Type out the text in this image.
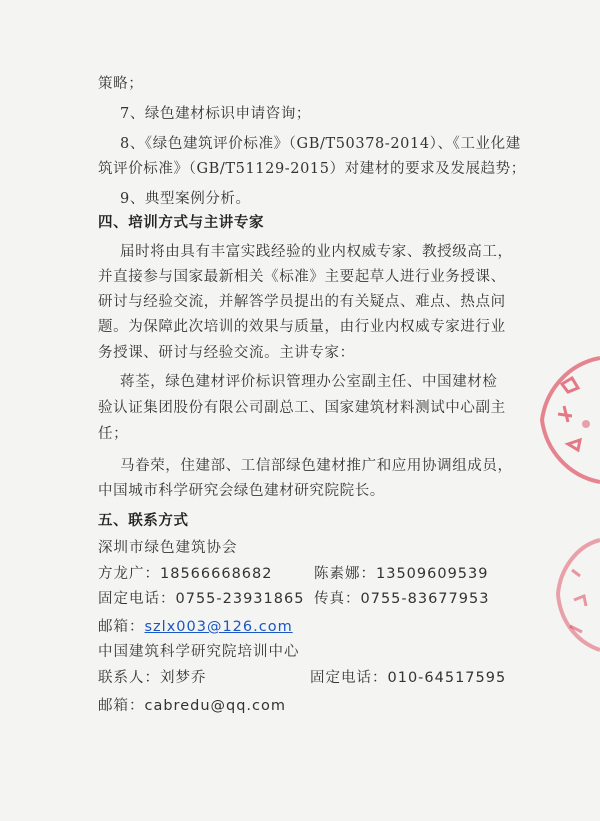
策略；
7、绿色建材标识申请咨询；
8、《绿色建筑评价标准》（GB/T50378-2014）、《工业化建
筑评价标准》（GB/T51129-2015）对建材的要求及发展趋势；
9、典型案例分析。
四、培训方式与主讲专家
届时将由具有丰富实践经验的业内权威专家、教授级高工，
并直接参与国家最新相关《标准》主要起草人进行业务授课、
研讨与经验交流，并解答学员提出的有关疑点、难点、热点问
题。为保障此次培训的效果与质量，由行业内权威专家进行业
务授课、研讨与经验交流。主讲专家：
蒋荃，绿色建材评价标识管理办公室副主任、中国建材检
验认证集团股份有限公司副总工、国家建筑材料测试中心副主
任；
马眷荣，住建部、工信部绿色建材推广和应用协调组成员，
中国城市科学研究会绿色建材研究院院长。
五、联系方式
深圳市绿色建筑协会
方龙广：18566668682	陈素娜：13509609539
固定电话：0755-23931865 传真：0755-83677953
邮箱：szlx003@126.com
中国建筑科学研究院培训中心
联系人：刘梦乔	固定电话：010-64517595
邮箱：cabredu@qq.com
